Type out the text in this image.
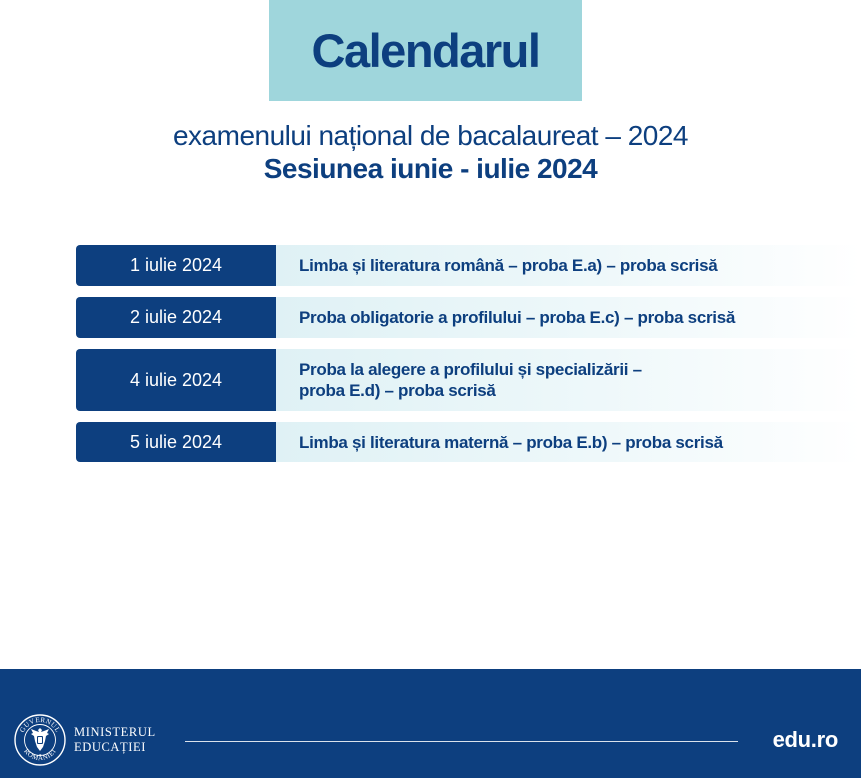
Calendarul
examenului național de bacalaureat – 2024
Sesiunea iunie - iulie 2024
1 iulie 2024	Limba și literatura română – proba E.a) – proba scrisă
2 iulie 2024	Proba obligatorie a profilului – proba E.c) – proba scrisă
4 iulie 2024	Proba la alegere a profilului și specializării –
proba E.d) – proba scrisă
5 iulie 2024	Limba și literatura maternă – proba E.b) – proba scrisă
GUVERNUL
ROMÂNIEI
MINISTERUL
EDUCAȚIEI	edu.ro
